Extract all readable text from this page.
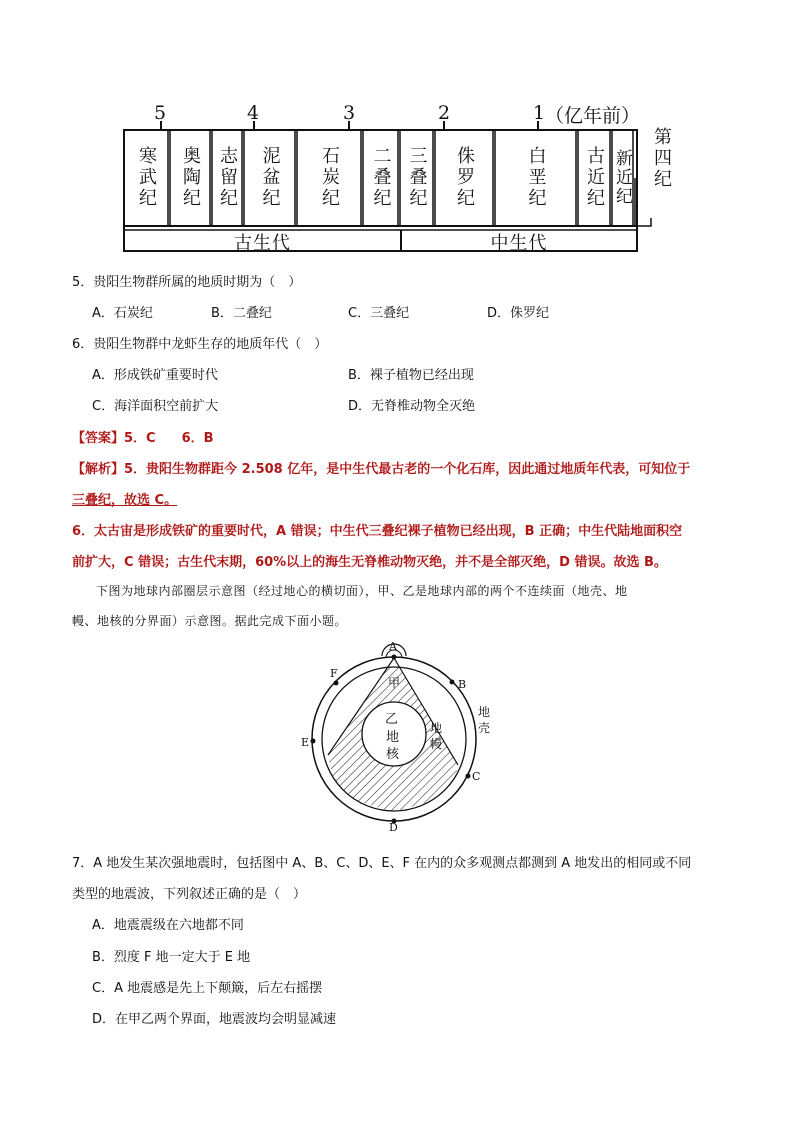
5	4	3	2	1 （亿年前）
寒武纪 奥陶纪 志留纪 泥盆纪 石炭纪 二叠纪 三叠纪 侏罗纪	白垩纪 古近纪 新近纪 第四纪
古生代	中生代
5．贵阳生物群所属的地质时期为（　）
A．石炭纪	B．二叠纪	C．三叠纪	D．侏罗纪
6．贵阳生物群中龙虾生存的地质年代（　）
A．形成铁矿重要时代	B．裸子植物已经出现
C．海洋面积空前扩大	D．无脊椎动物全灭绝
【答案】5．C　　6．B
【解析】5．贵阳生物群距今 2.508 亿年，是中生代最古老的一个化石库，因此通过地质年代表，可知位于
三叠纪，故选 C。
6．太古宙是形成铁矿的重要时代，A 错误；中生代三叠纪裸子植物已经出现，B 正确；中生代陆地面积空
前扩大，C 错误；古生代末期，60%以上的海生无脊椎动物灭绝，并不是全部灭绝，D 错误。故选 B。
下图为地球内部圈层示意图（经过地心的横切面），甲、乙是地球内部的两个不连续面（地壳、地
幔、地核的分界面）示意图。据此完成下面小题。
A
B
C
D
E
F
甲
乙
地核
地幔
地壳
7．A 地发生某次强地震时，包括图中 A、B、C、D、E、F 在内的众多观测点都测到 A 地发出的相同或不同
类型的地震波，下列叙述正确的是（　）
A．地震震级在六地都不同
B．烈度 F 地一定大于 E 地
C．A 地震感是先上下颠簸，后左右摇摆
D．在甲乙两个界面，地震波均会明显减速
